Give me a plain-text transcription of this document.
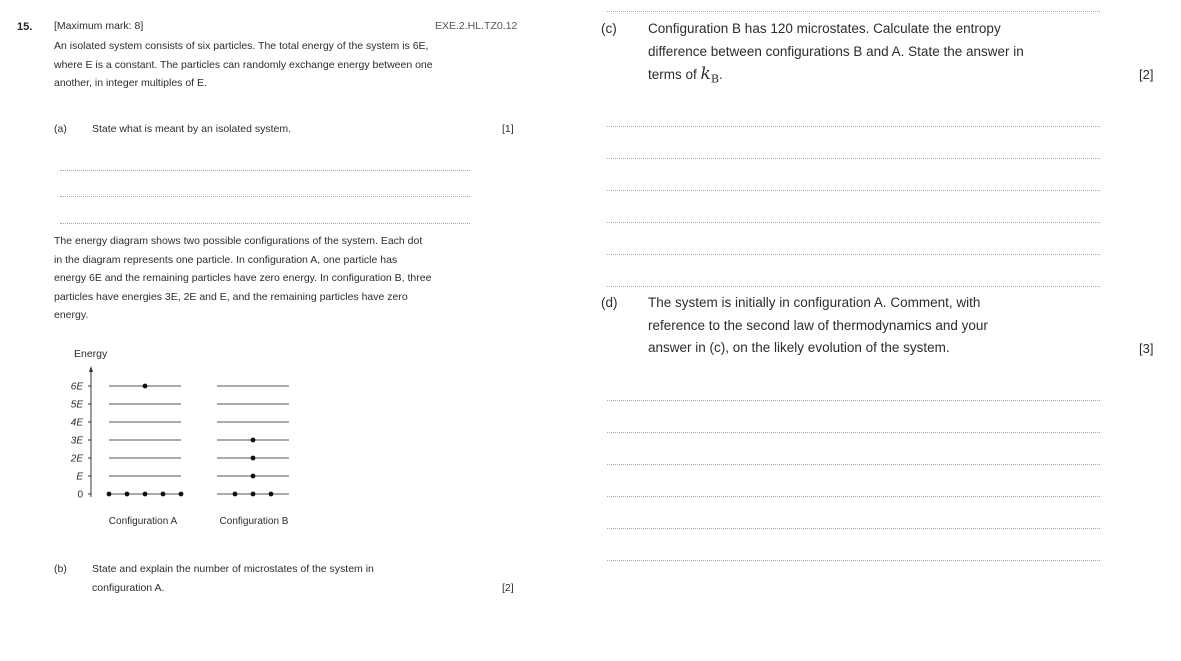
15. [Maximum mark: 8]	EXE.2.HL.TZ0.12
An isolated system consists of six particles. The total energy of the system is 6E,
where E is a constant. The particles can randomly exchange energy between one
another, in integer multiples of E.
(a) State what is meant by an isolated system.	[1]
The energy diagram shows two possible configurations of the system. Each dot
in the diagram represents one particle. In configuration A, one particle has
energy 6E and the remaining particles have zero energy. In configuration B, three
particles have energies 3E, 2E and E, and the remaining particles have zero
energy.
Energy
0
E
2E
3E
4E
5E
6E
Configuration A	Configuration B
(b) State and explain the number of microstates of the system in
configuration A.	[2]
(c) Configuration B has 120 microstates. Calculate the entropy
difference between configurations B and A. State the answer in
terms of $k_B$.	[2]
(d) The system is initially in configuration A. Comment, with
reference to the second law of thermodynamics and your
answer in (c), on the likely evolution of the system.	[3]
